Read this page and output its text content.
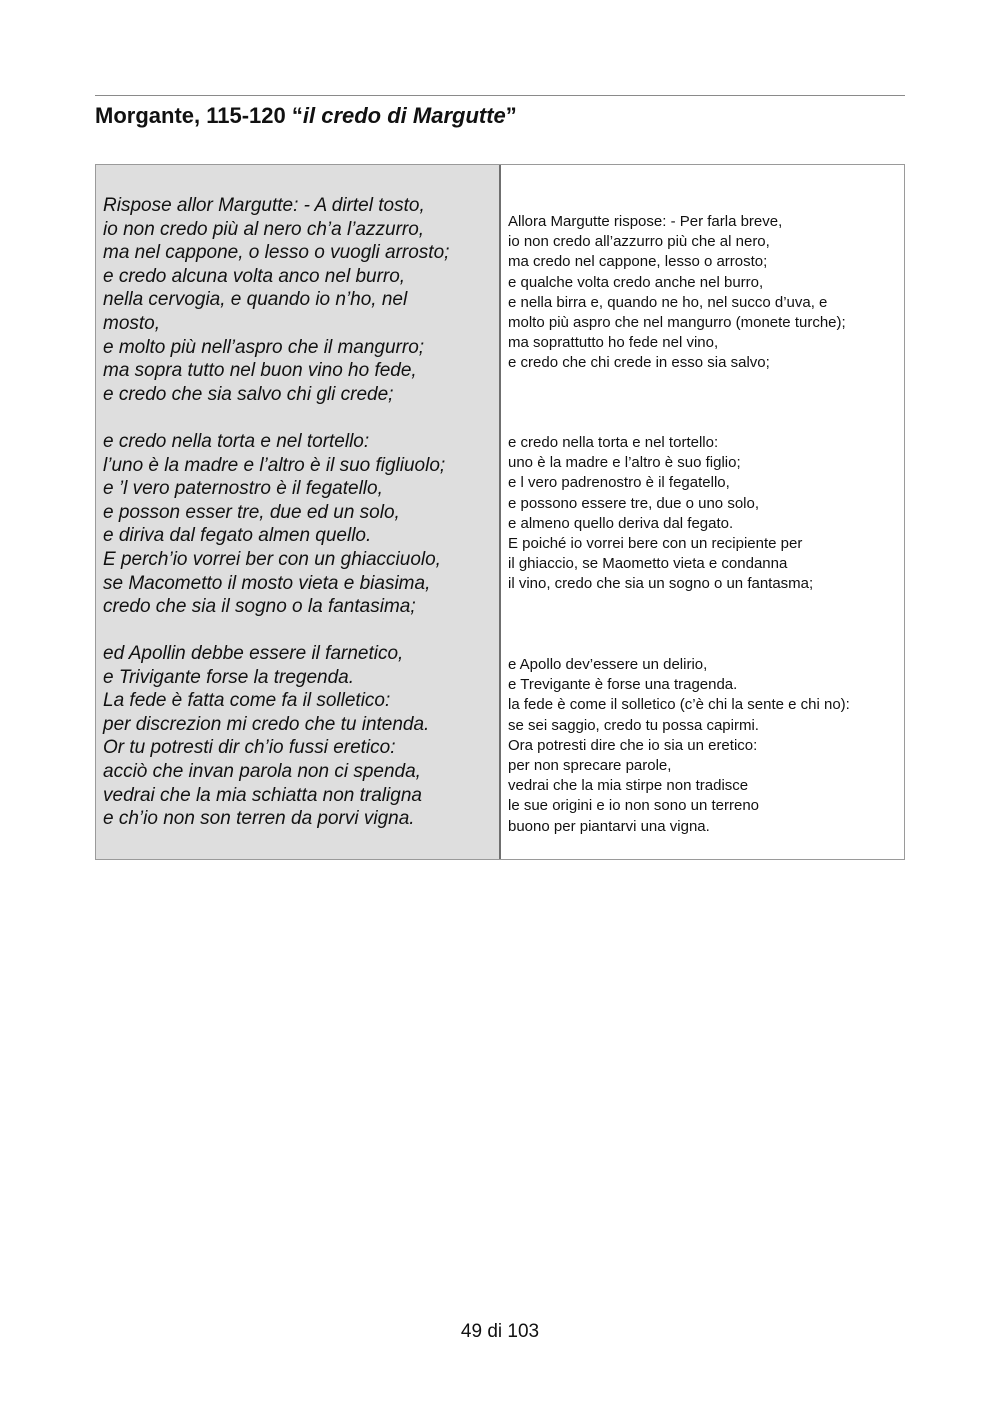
Morgante, 115-120 “il credo di Margutte”

Rispose allor Margutte: - A dirtel tosto,
io non credo più al nero ch’a l’azzurro,
ma nel cappone, o lesso o vuogli arrosto;
e credo alcuna volta anco nel burro,
nella cervogia, e quando io n’ho, nel
mosto,
e molto più nell’aspro che il mangurro;
ma sopra tutto nel buon vino ho fede,
e credo che sia salvo chi gli crede;

e credo nella torta e nel tortello:
l’uno è la madre e l’altro è il suo figliuolo;
e ’l vero paternostro è il fegatello,
e posson esser tre, due ed un solo,
e diriva dal fegato almen quello.
E perch’io vorrei ber con un ghiacciuolo,
se Macometto il mosto vieta e biasima,
credo che sia il sogno o la fantasima;

ed Apollin debbe essere il farnetico,
e Trivigante forse la tregenda.
La fede è fatta come fa il solletico:
per discrezion mi credo che tu intenda.
Or tu potresti dir ch’io fussi eretico:
acciò che invan parola non ci spenda,
vedrai che la mia schiatta non traligna
e ch’io non son terren da porvi vigna.

Allora Margutte rispose: - Per farla breve,
io non credo all’azzurro più che al nero,
ma credo nel cappone, lesso o arrosto;
e qualche volta credo anche nel burro,
e nella birra e, quando ne ho, nel succo d’uva, e
molto più aspro che nel mangurro (monete turche);
ma soprattutto ho fede nel vino,
e credo che chi crede in esso sia salvo;

e credo nella torta e nel tortello:
uno è la madre e l’altro è suo figlio;
e l vero padrenostro è il fegatello,
e possono essere tre, due o uno solo,
e almeno quello deriva dal fegato.
E poiché io vorrei bere con un recipiente per
il ghiaccio, se Maometto vieta e condanna
il vino, credo che sia un sogno o un fantasma;

e Apollo dev’essere un delirio,
e Trevigante è forse una tragenda.
la fede è come il solletico (c’è chi la sente e chi no):
se sei saggio, credo tu possa capirmi.
Ora potresti dire che io sia un eretico:
per non sprecare parole,
vedrai che la mia stirpe non tradisce
le sue origini e io non sono un terreno
buono per piantarvi una vigna.

49 di 103
